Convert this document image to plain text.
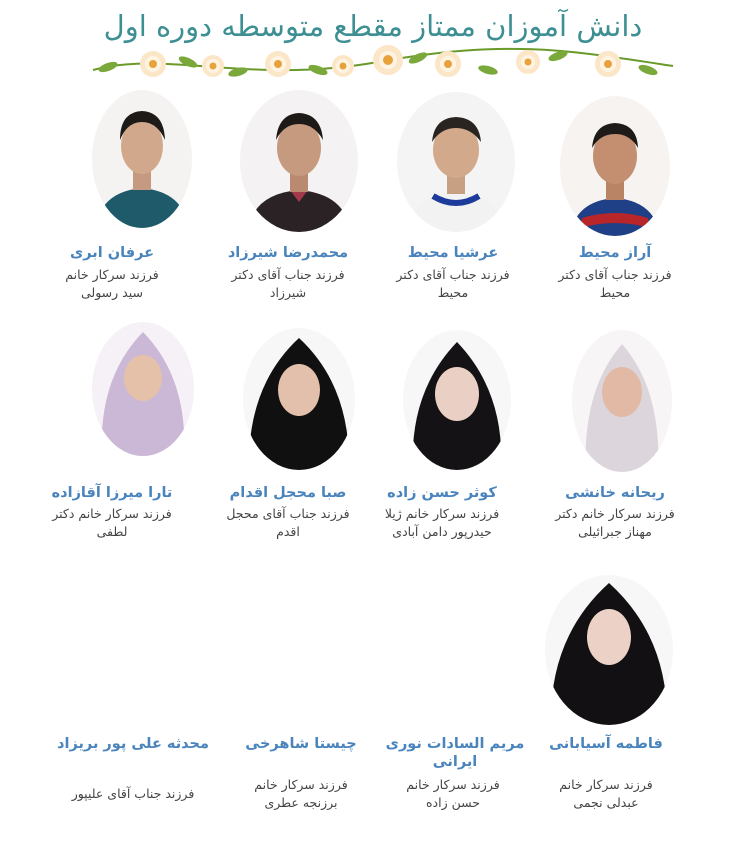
دانش آموزان ممتاز مقطع متوسطه دوره اول
آراز محیط
فرزند جناب آقای دکتر
محیط
عرشیا محیط
فرزند جناب آقای دکتر
محیط
محمدرضا شیرزاد
فرزند جناب آقای دکتر
شیرزاد
عرفان ابری
فرزند سرکار خانم
سید رسولی
ریحانه خانشی
فرزند سرکار خانم دکتر
مهناز جبرائیلی
کوثر حسن زاده
فرزند سرکار خانم ژیلا
حیدرپور دامن آبادی
صبا محجل اقدام
فرزند جناب آقای محجل
اقدم
تارا میرزا آقازاده
فرزند سرکار خانم دکتر
لطفی
فاطمه آسیابانی
فرزند سرکار خانم
عبدلی نجمی
مریم السادات نوری ایرانی
فرزند سرکار خانم
حسن زاده
چیستا شاهرخی
فرزند سرکار خانم
برزنجه عطری
محدثه علی پور بریزاد
فرزند جناب آقای علیپور
